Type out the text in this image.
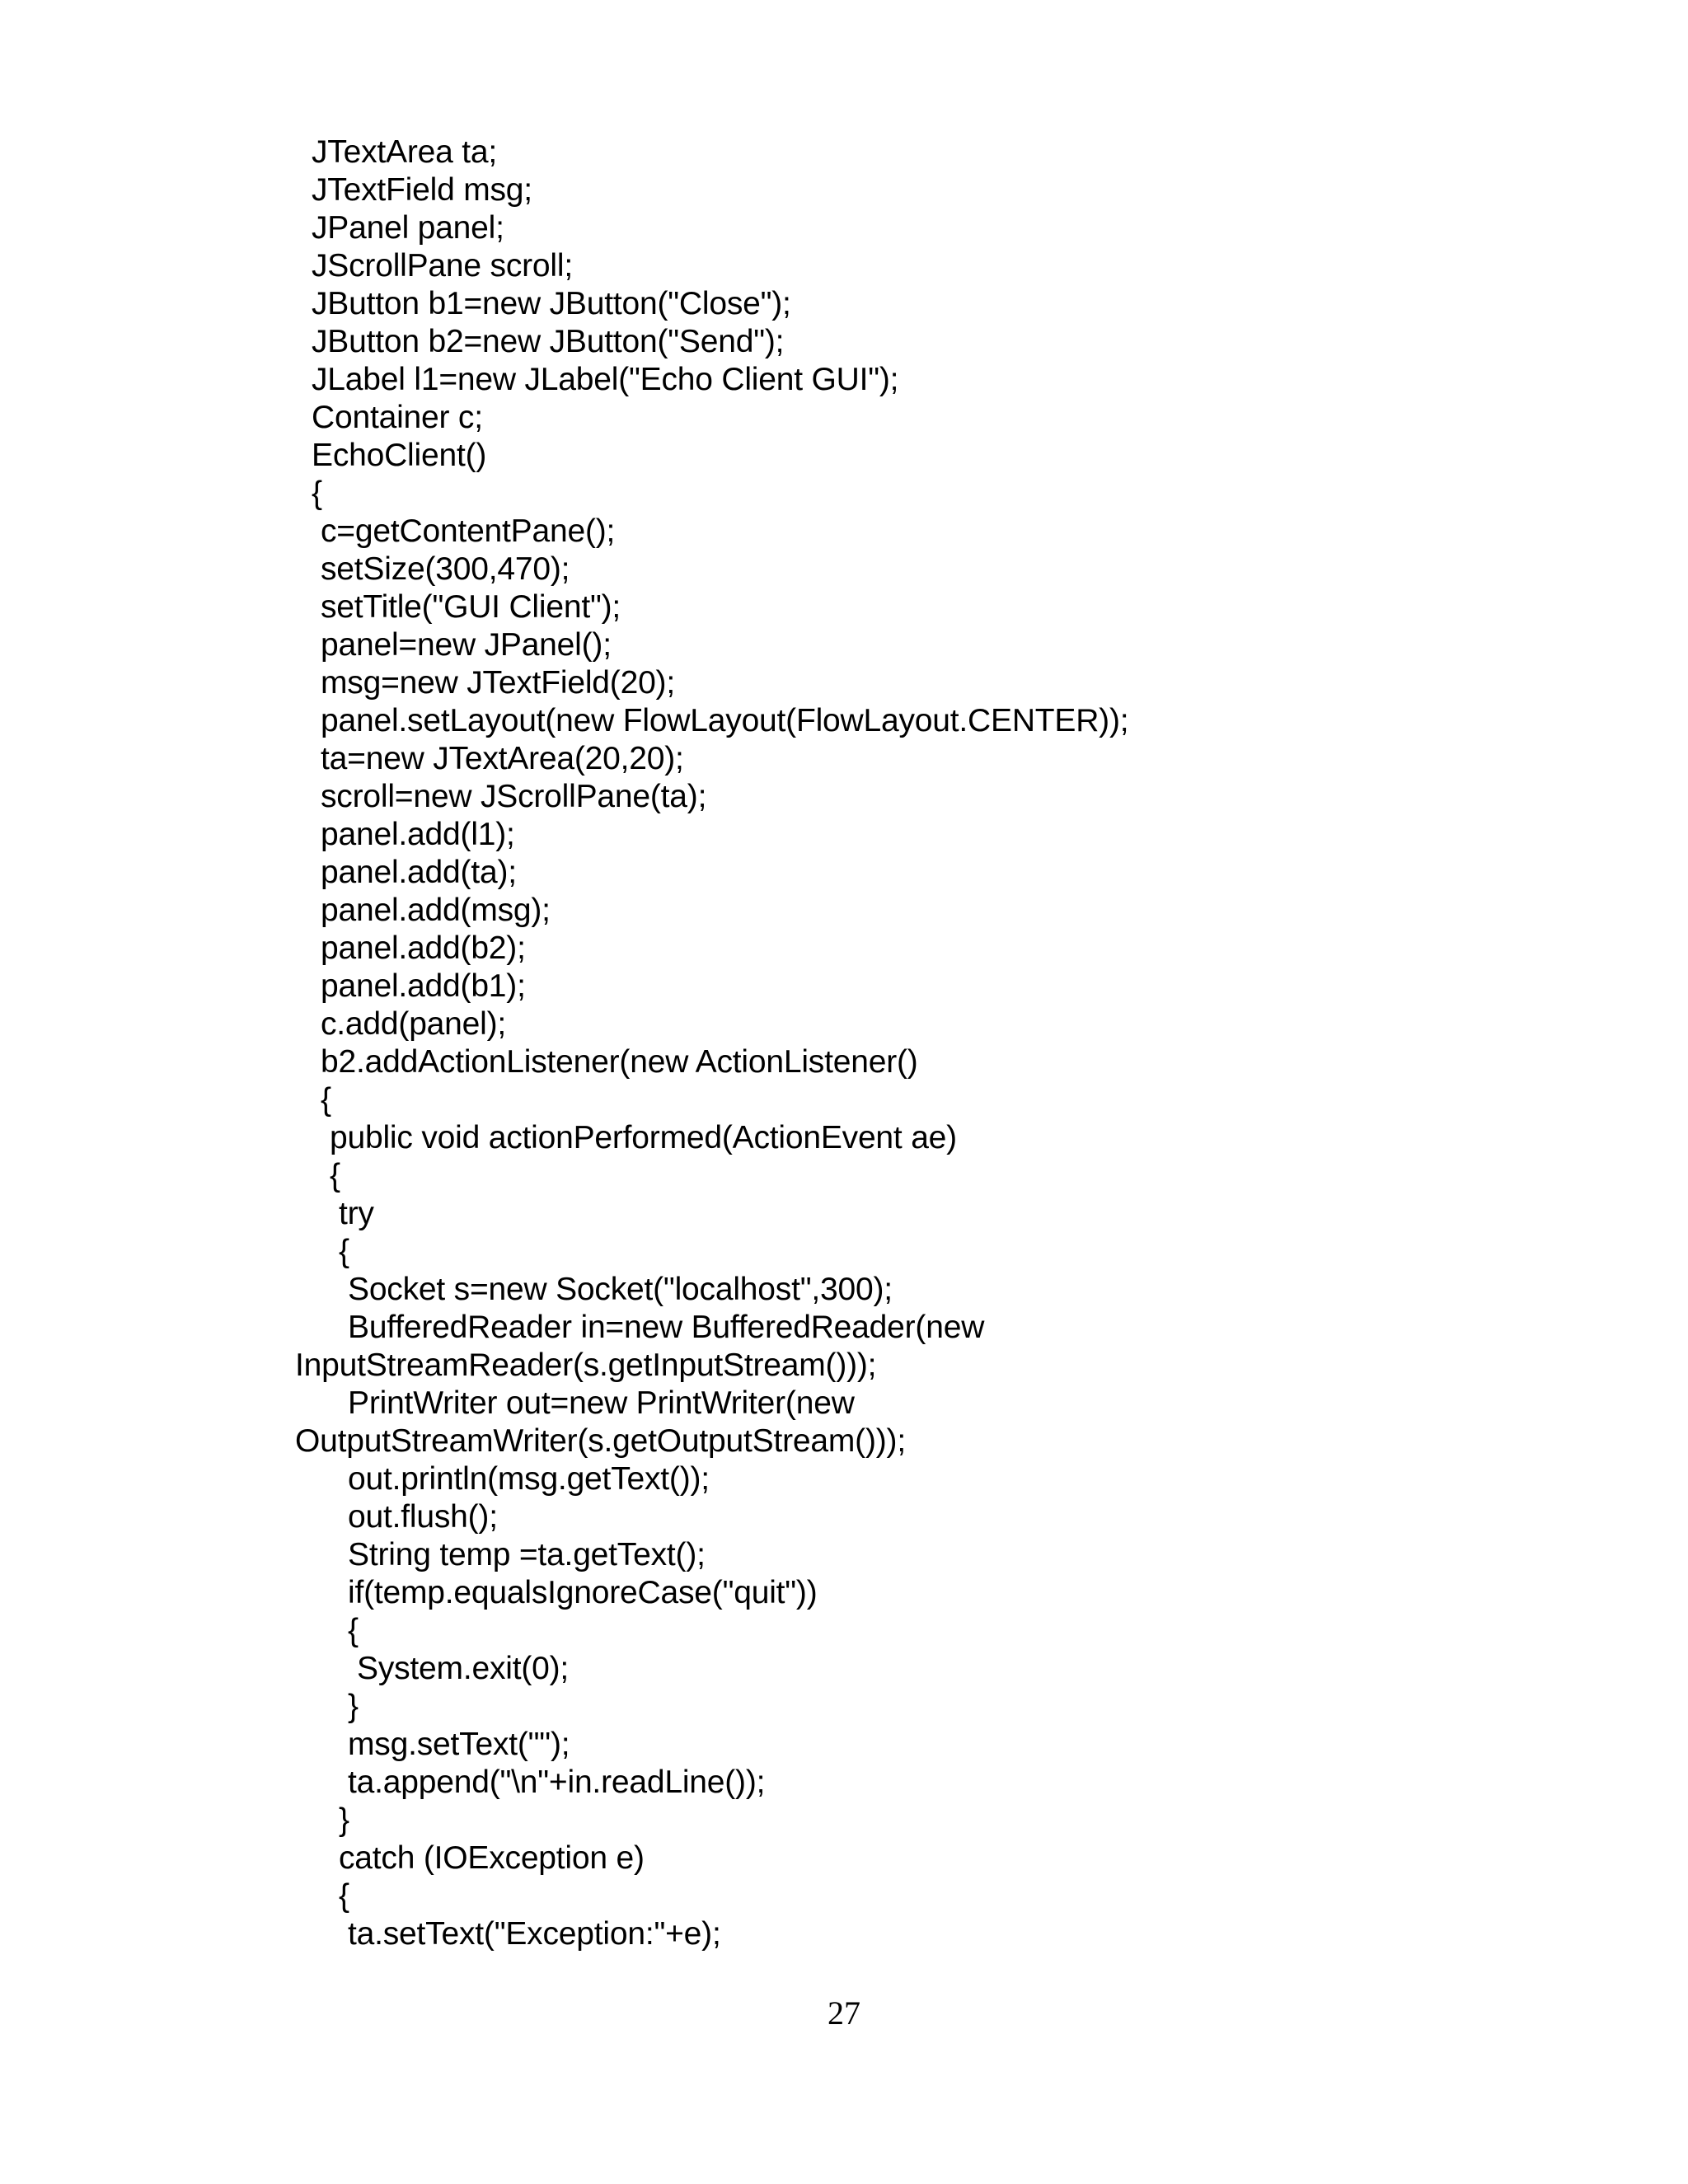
JTextArea ta;
JTextField msg;
JPanel panel;
JScrollPane scroll;
JButton b1=new JButton("Close");
JButton b2=new JButton("Send");
JLabel l1=new JLabel("Echo Client GUI");
Container c;
EchoClient()
{
c=getContentPane();
setSize(300,470);
setTitle("GUI Client");
panel=new JPanel();
msg=new JTextField(20);
panel.setLayout(new FlowLayout(FlowLayout.CENTER));
ta=new JTextArea(20,20);
scroll=new JScrollPane(ta);
panel.add(l1);
panel.add(ta);
panel.add(msg);
panel.add(b2);
panel.add(b1);
c.add(panel);
b2.addActionListener(new ActionListener()
{
public void actionPerformed(ActionEvent ae)
{
try
{
Socket s=new Socket("localhost",300);
BufferedReader in=new BufferedReader(new
InputStreamReader(s.getInputStream()));
PrintWriter out=new PrintWriter(new
OutputStreamWriter(s.getOutputStream()));
out.println(msg.getText());
out.flush();
String temp =ta.getText();
if(temp.equalsIgnoreCase("quit"))
{
System.exit(0);
}
msg.setText("");
ta.append("\n"+in.readLine());
}
catch (IOException e)
{
ta.setText("Exception:"+e);
27
